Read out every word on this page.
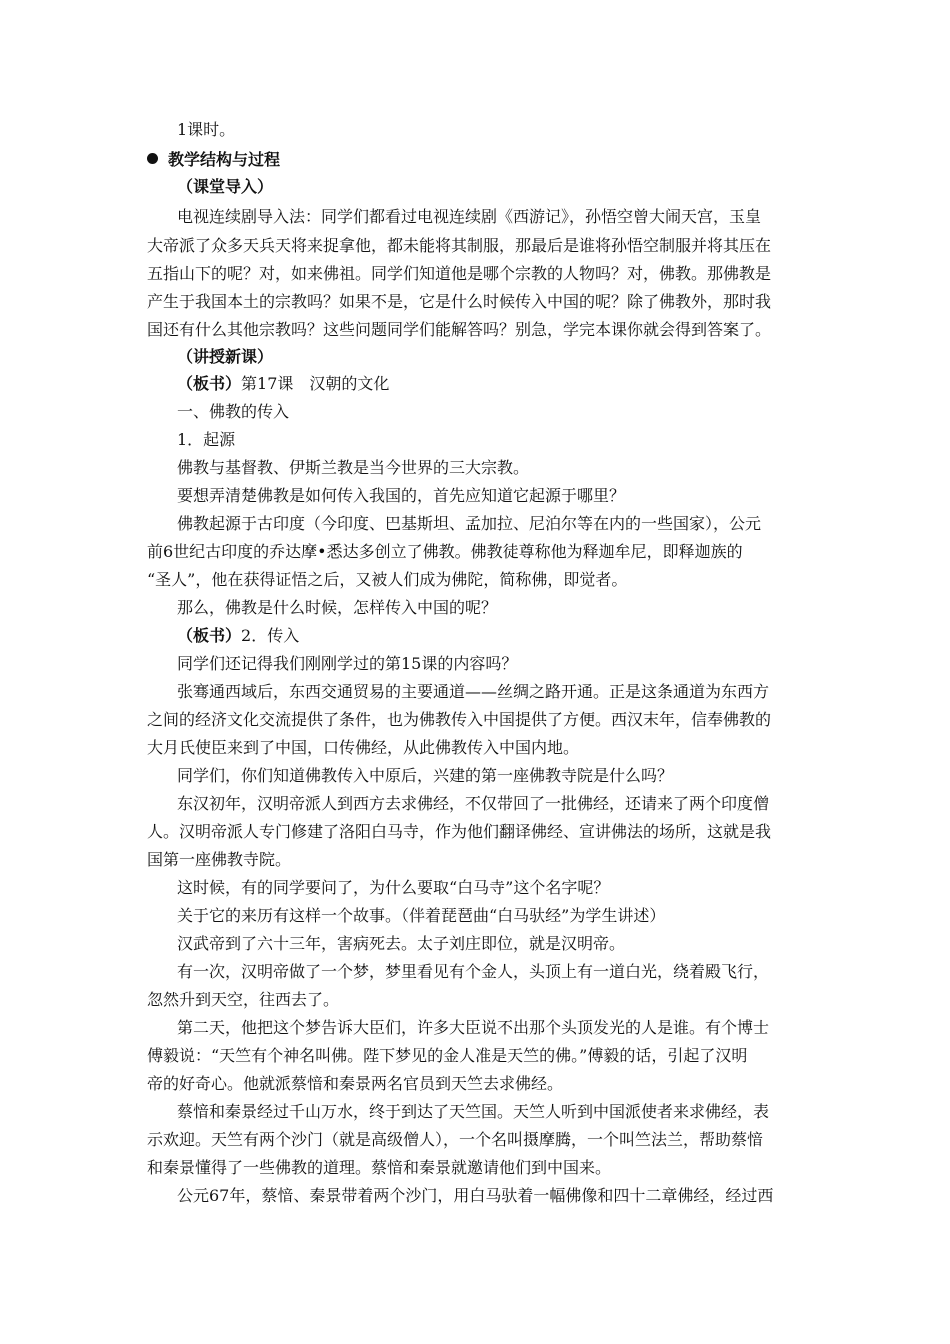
1课时。
教学结构与过程
（课堂导入）
电视连续剧导入法：同学们都看过电视连续剧《西游记》，孙悟空曾大闹天宫，玉皇
大帝派了众多天兵天将来捉拿他，都未能将其制服，那最后是谁将孙悟空制服并将其压在
五指山下的呢？对，如来佛祖。同学们知道他是哪个宗教的人物吗？对，佛教。那佛教是
产生于我国本土的宗教吗？如果不是，它是什么时候传入中国的呢？除了佛教外，那时我
国还有什么其他宗教吗？这些问题同学们能解答吗？别急，学完本课你就会得到答案了。
（讲授新课）
（板书）第17课　汉朝的文化
一、佛教的传入
1．起源
佛教与基督教、伊斯兰教是当今世界的三大宗教。
要想弄清楚佛教是如何传入我国的，首先应知道它起源于哪里？
佛教起源于古印度（今印度、巴基斯坦、孟加拉、尼泊尔等在内的一些国家），公元
前6世纪古印度的乔达摩•悉达多创立了佛教。佛教徒尊称他为释迦牟尼，即释迦族的
“圣人”，他在获得证悟之后，又被人们成为佛陀，简称佛，即觉者。
那么，佛教是什么时候，怎样传入中国的呢？
（板书）2．传入
同学们还记得我们刚刚学过的第15课的内容吗？
张骞通西域后，东西交通贸易的主要通道——丝绸之路开通。正是这条通道为东西方
之间的经济文化交流提供了条件，也为佛教传入中国提供了方便。西汉末年，信奉佛教的
大月氏使臣来到了中国，口传佛经，从此佛教传入中国内地。
同学们，你们知道佛教传入中原后，兴建的第一座佛教寺院是什么吗？
东汉初年，汉明帝派人到西方去求佛经，不仅带回了一批佛经，还请来了两个印度僧
人。汉明帝派人专门修建了洛阳白马寺，作为他们翻译佛经、宣讲佛法的场所，这就是我
国第一座佛教寺院。
这时候，有的同学要问了，为什么要取“白马寺”这个名字呢？
关于它的来历有这样一个故事。（伴着琵琶曲“白马驮经”为学生讲述）
汉武帝到了六十三年，害病死去。太子刘庄即位，就是汉明帝。
有一次，汉明帝做了一个梦，梦里看见有个金人，头顶上有一道白光，绕着殿飞行，
忽然升到天空，往西去了。
第二天，他把这个梦告诉大臣们，许多大臣说不出那个头顶发光的人是谁。有个博士
傅毅说：“天竺有个神名叫佛。陛下梦见的金人准是天竺的佛。”傅毅的话，引起了汉明
帝的好奇心。他就派蔡愔和秦景两名官员到天竺去求佛经。
蔡愔和秦景经过千山万水，终于到达了天竺国。天竺人听到中国派使者来求佛经，表
示欢迎。天竺有两个沙门（就是高级僧人），一个名叫摄摩腾，一个叫竺法兰，帮助蔡愔
和秦景懂得了一些佛教的道理。蔡愔和秦景就邀请他们到中国来。
公元67年，蔡愔、秦景带着两个沙门，用白马驮着一幅佛像和四十二章佛经，经过西
